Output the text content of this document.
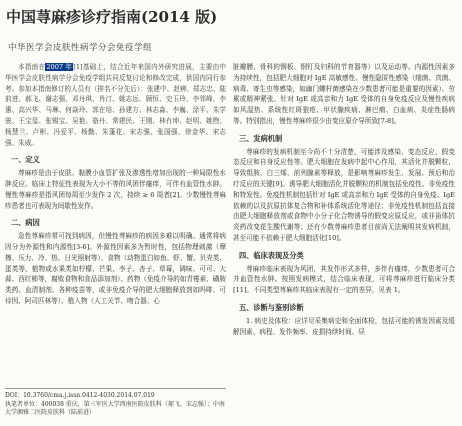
中国荨麻疹诊疗指南(2014 版)
中华医学会皮肤性病学分会免疫学组

本指南在2007 年[1]基础上，结合近年来国内外研究进展，主要由中华医学会皮肤性病学分会免疫学组共同反复讨论和修改完成，供国内同行参考。参加本指南修订的人员有（排名不分先后）：张建中、赵辨、郑志忠、陆前进、郝飞、谢志强、邓丹琪、肖汀、姚志远、顾恒、史玉玲、李邻峰、李惠、高兴华、马琳、何焱玲、郭在培、孙建方、林志淼、李巍、涂平、朱学骏、王宝玺、张锡宝、吴艳、骆丹、常建民、王刚、林有坤、赵明、姚煦、杨慧兰、卢彬、冯爱平、杨勤、朱蓬花、宋志强、张国强、徐金华、宋志强、朱威。

一、定义

荨麻疹是由于皮肤、黏膜小血管扩张及渗透性增加出现的一种局限性水肿反应。临床上特征性表现为大小不等的风团伴瘙痒，可伴有血管性水肿。慢性荨麻疹是指风团每周至少发作 2 次，持续 ≥ 6 周者[2]。少数慢性荨麻疹患者也可表现为间歇性发作。

二、病因

急性荨麻疹常可找到病因，但慢性荨麻疹的病因多难以明确。通常将病因分为外源性和内源性[3-6]。外源性因素多为暂时性，包括物理刺激（摩擦、压力、冷、热、日光照射等）、食物（动物蛋白如鱼、虾、蟹、贝壳类、蛋类等，植物或水果类如柠檬、芒果、李子、杏子、草莓，调味、可可、大蒜、西红柿等，腐败食物和食品添加剂）、药物（免疫介导的如青霉素、磺胺类药、血清制剂、各种疫苗等，或非免疫介导的肥大细胞释放剂如吗啡、可待因、阿司匹林等）、植入物（人工关节、吻合器、心

DOI：10.3760/cma.j.issn.0412-4030.2014.07.019
执笔者单位：400038 重庆，第三军医大学西南医院皮肤科（郝飞、宋志强）；中南大学湘雅二医院皮肤科（陆前进）

脏瓣膜、骨科的钢板、钢钉及妇科的节育器等）以及运动等。内源性因素多为持续性，包括肥大细胞对 IgE 高敏感性、慢性隐匿性感染（细菌、真菌、病毒、寄生虫等感染，如幽门螺杆菌感染在少数患者可能是重要的因素）、劳累或精神紧张、针对 IgE 或高亲和力 IgE 受体的自身免疫反应及慢性疾病如风湿热、系统性红斑狼疮、甲状腺疾病、淋巴瘤、白血病、炎症性肠病等。特别指出，慢性荨麻疹很少由变应原介导所致[7-8]。

三、发病机制

荨麻疹的发病机制至今尚不十分清楚，可能涉及感染、变态反应、假变态反应和自身反应性等。肥大细胞在发病中起中心作用，其活化并脱颗粒，导致组胺、白三烯、前列腺素等释放，是影响荨麻疹发生、发展、预后和治疗反应的关键[9]。诱导肥大细胞活化并脱颗粒的机制包括免疫性、非免疫性和特发性。免疫性机制包括针对 IgE 或高亲和力 IgE 受体的自身免疫、IgE 依赖的以及抗原抗体复合物和补体系统活化等途径；非免疫性机制包括直接由肥大细胞释放剂或食物中小分子化合物诱导的假变应原反应，或非甾体抗炎药改变花生酸代谢等；还有少数荨麻疹患者目前尚无法阐明其发病机制，甚至可能不依赖于肥大细胞活化[10]。

四、临床表现及分类

荨麻疹临床表现为风团，其发作形式多样，多伴有瘙痒，少数患者可合并血管性水肿。按照发病模式，结合临床表现，可将荨麻疹进行临床分类[11]。不同类型荨麻疹其临床表现有一定的差异，见表 1。

五、诊断与鉴别诊断

1. 病史及体检：应详尽采集病史和全面体检，包括可能的诱发因素及缓解因素、病程、发作频率、皮损持续时间、昼
